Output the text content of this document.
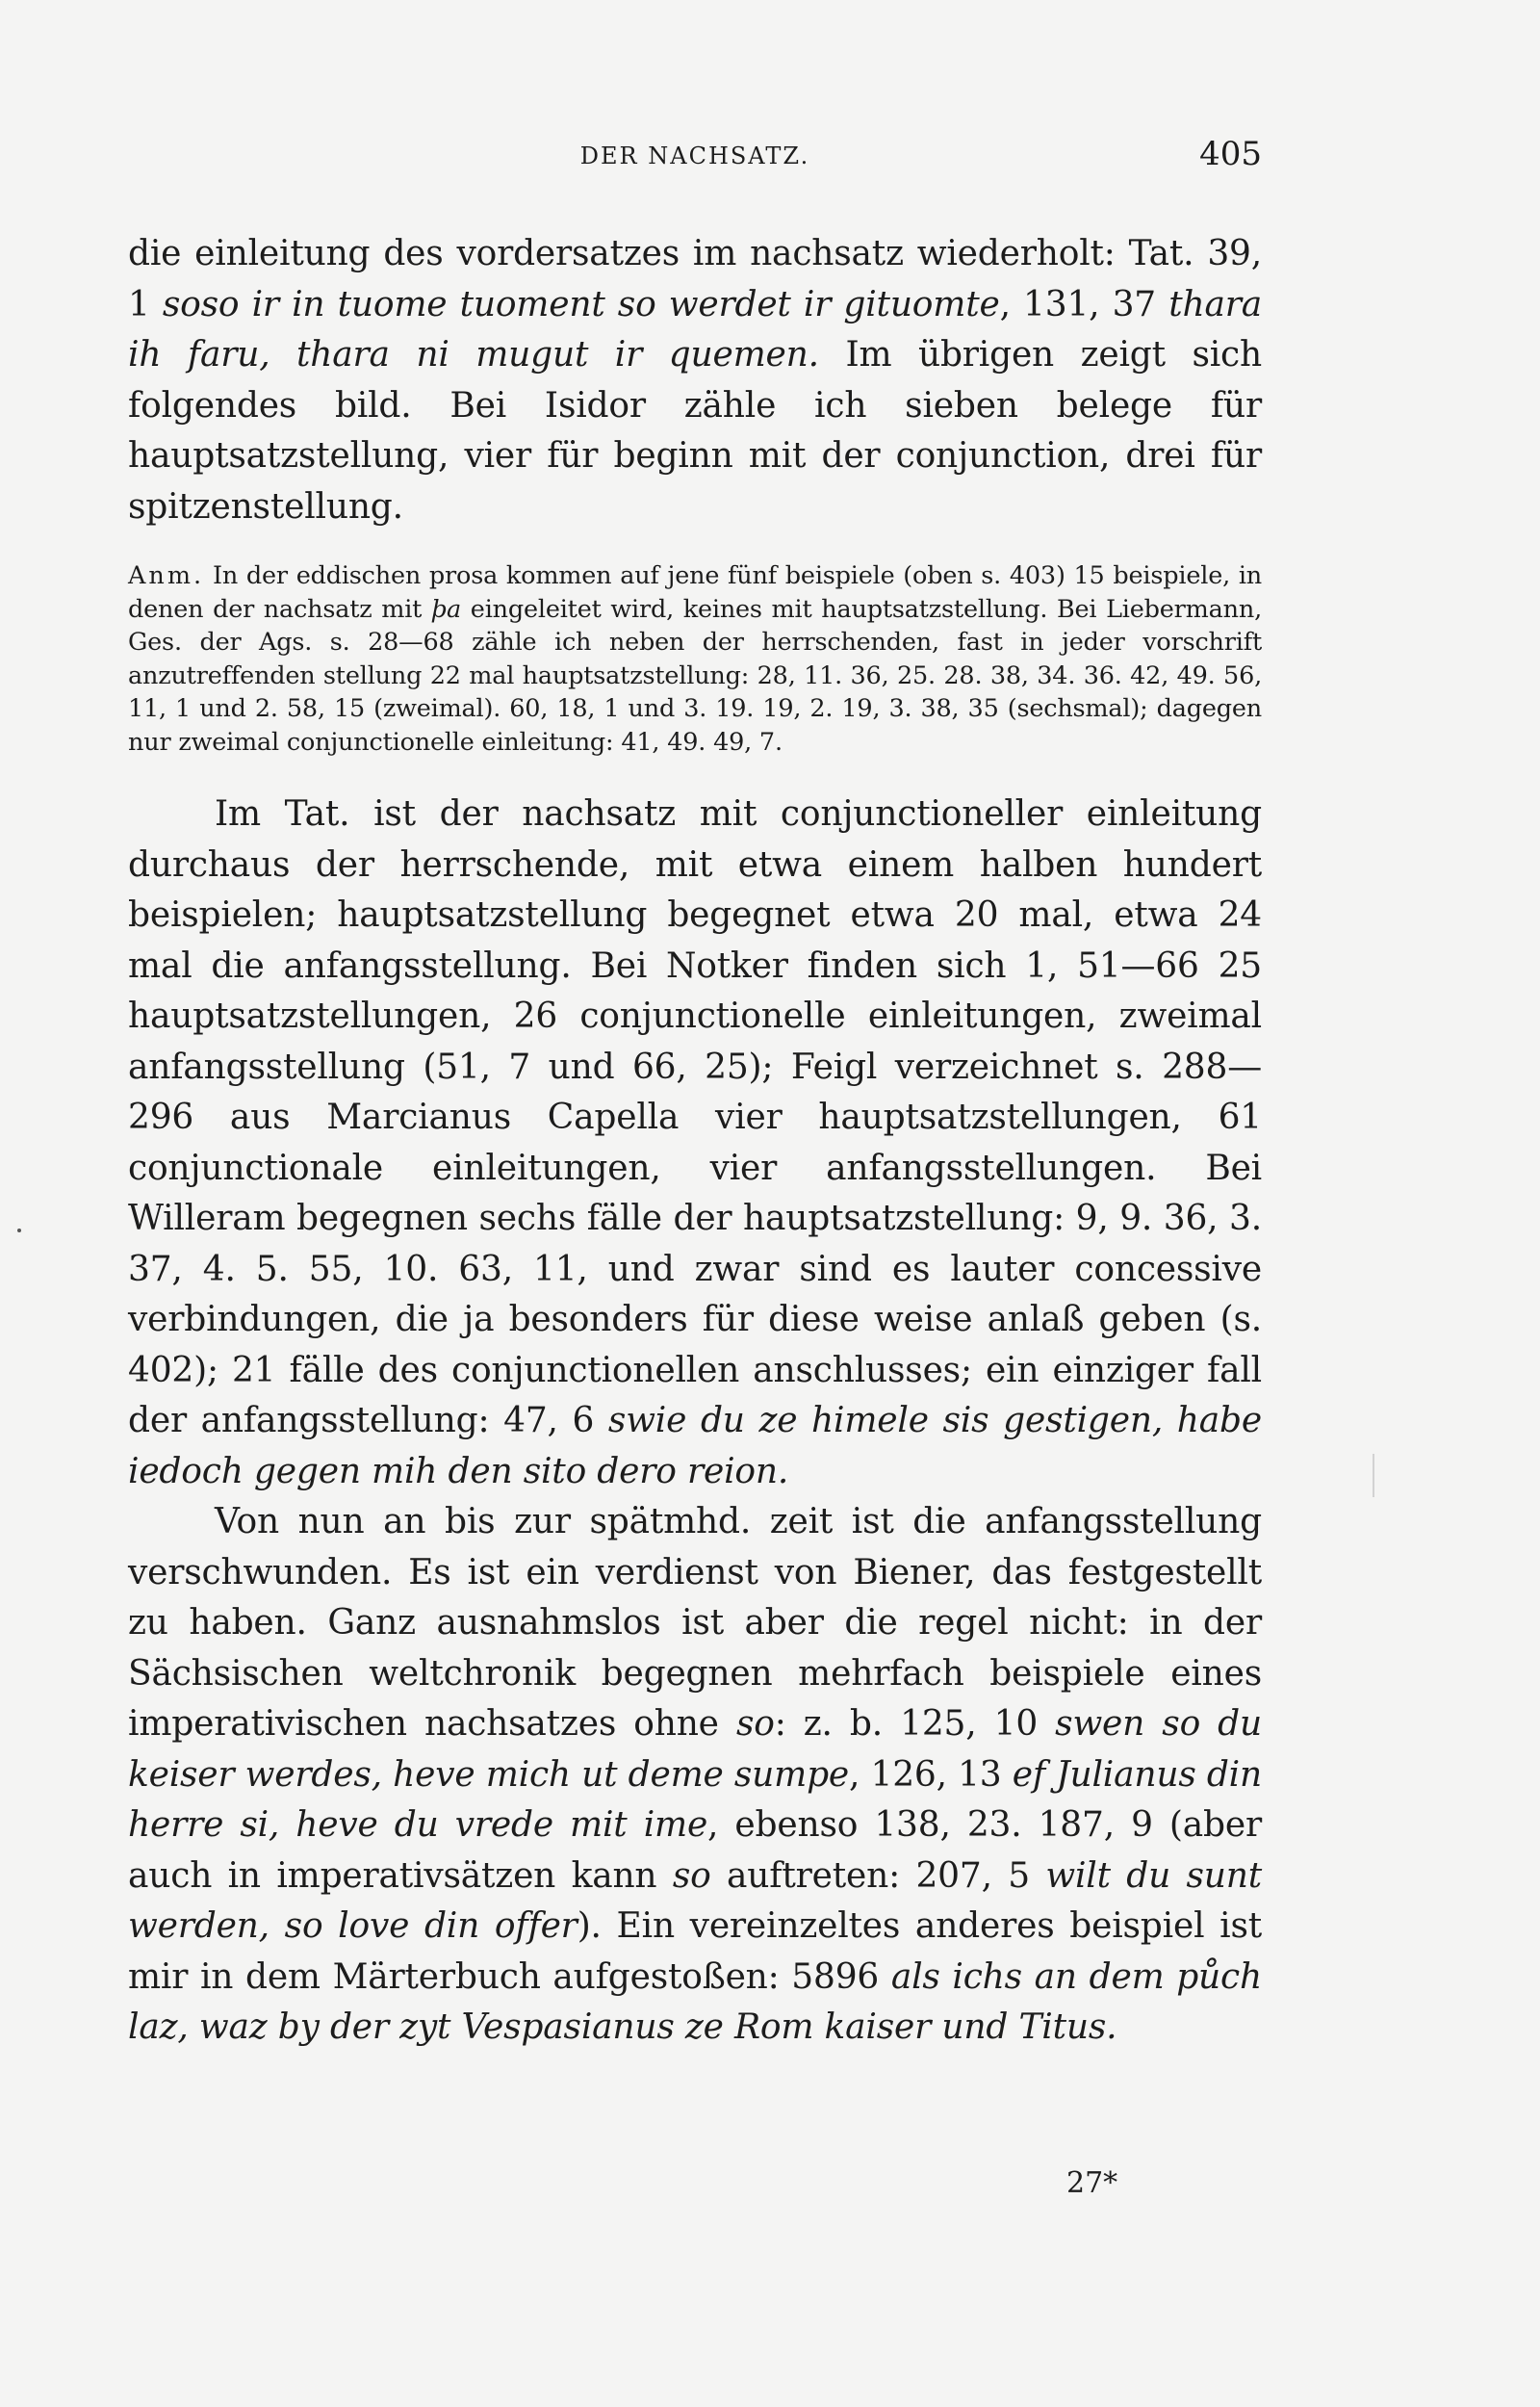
DER NACHSATZ.	405

die einleitung des vordersatzes im nachsatz wiederholt: Tat. 39, 1 soso ir in tuome tuoment so werdet ir gituomte, 131, 37 thara ih faru, thara ni mugut ir quemen. Im übrigen zeigt sich folgendes bild. Bei Isidor zähle ich sieben belege für hauptsatzstellung, vier für beginn mit der conjunction, drei für spitzenstellung.

Anm. In der eddischen prosa kommen auf jene fünf beispiele (oben s. 403) 15 beispiele, in denen der nachsatz mit þa eingeleitet wird, keines mit hauptsatzstellung. Bei Liebermann, Ges. der Ags. s. 28—68 zähle ich neben der herrschenden, fast in jeder vorschrift anzutreffenden stellung 22 mal hauptsatzstellung: 28, 11. 36, 25. 28. 38, 34. 36. 42, 49. 56, 11, 1 und 2. 58, 15 (zweimal). 60, 18, 1 und 3. 19. 19, 2. 19, 3. 38, 35 (sechsmal); dagegen nur zweimal conjunctionelle einleitung: 41, 49. 49, 7.

Im Tat. ist der nachsatz mit conjunctioneller einleitung durchaus der herrschende, mit etwa einem halben hundert beispielen; hauptsatzstellung begegnet etwa 20 mal, etwa 24 mal die anfangsstellung. Bei Notker finden sich 1, 51—66 25 hauptsatzstellungen, 26 conjunctionelle einleitungen, zweimal anfangsstellung (51, 7 und 66, 25); Feigl verzeichnet s. 288—296 aus Marcianus Capella vier hauptsatzstellungen, 61 conjunctionale einleitungen, vier anfangsstellungen. Bei Willeram begegnen sechs fälle der hauptsatzstellung: 9, 9. 36, 3. 37, 4. 5. 55, 10. 63, 11, und zwar sind es lauter concessive verbindungen, die ja besonders für diese weise anlaß geben (s. 402); 21 fälle des conjunctionellen anschlusses; ein einziger fall der anfangsstellung: 47, 6 swie du ze himele sis gestigen, habe iedoch gegen mih den sito dero reion.

Von nun an bis zur spätmhd. zeit ist die anfangsstellung verschwunden. Es ist ein verdienst von Biener, das festgestellt zu haben. Ganz ausnahmslos ist aber die regel nicht: in der Sächsischen weltchronik begegnen mehrfach beispiele eines imperativischen nachsatzes ohne so: z. b. 125, 10 swen so du keiser werdes, heve mich ut deme sumpe, 126, 13 ef Julianus din herre si, heve du vrede mit ime, ebenso 138, 23. 187, 9 (aber auch in imperativsätzen kann so auftreten: 207, 5 wilt du sunt werden, so love din offer). Ein vereinzeltes anderes beispiel ist mir in dem Märterbuch aufgestoßen: 5896 als ichs an dem půch laz, waz by der zyt Vespasianus ze Rom kaiser und Titus.

27*
